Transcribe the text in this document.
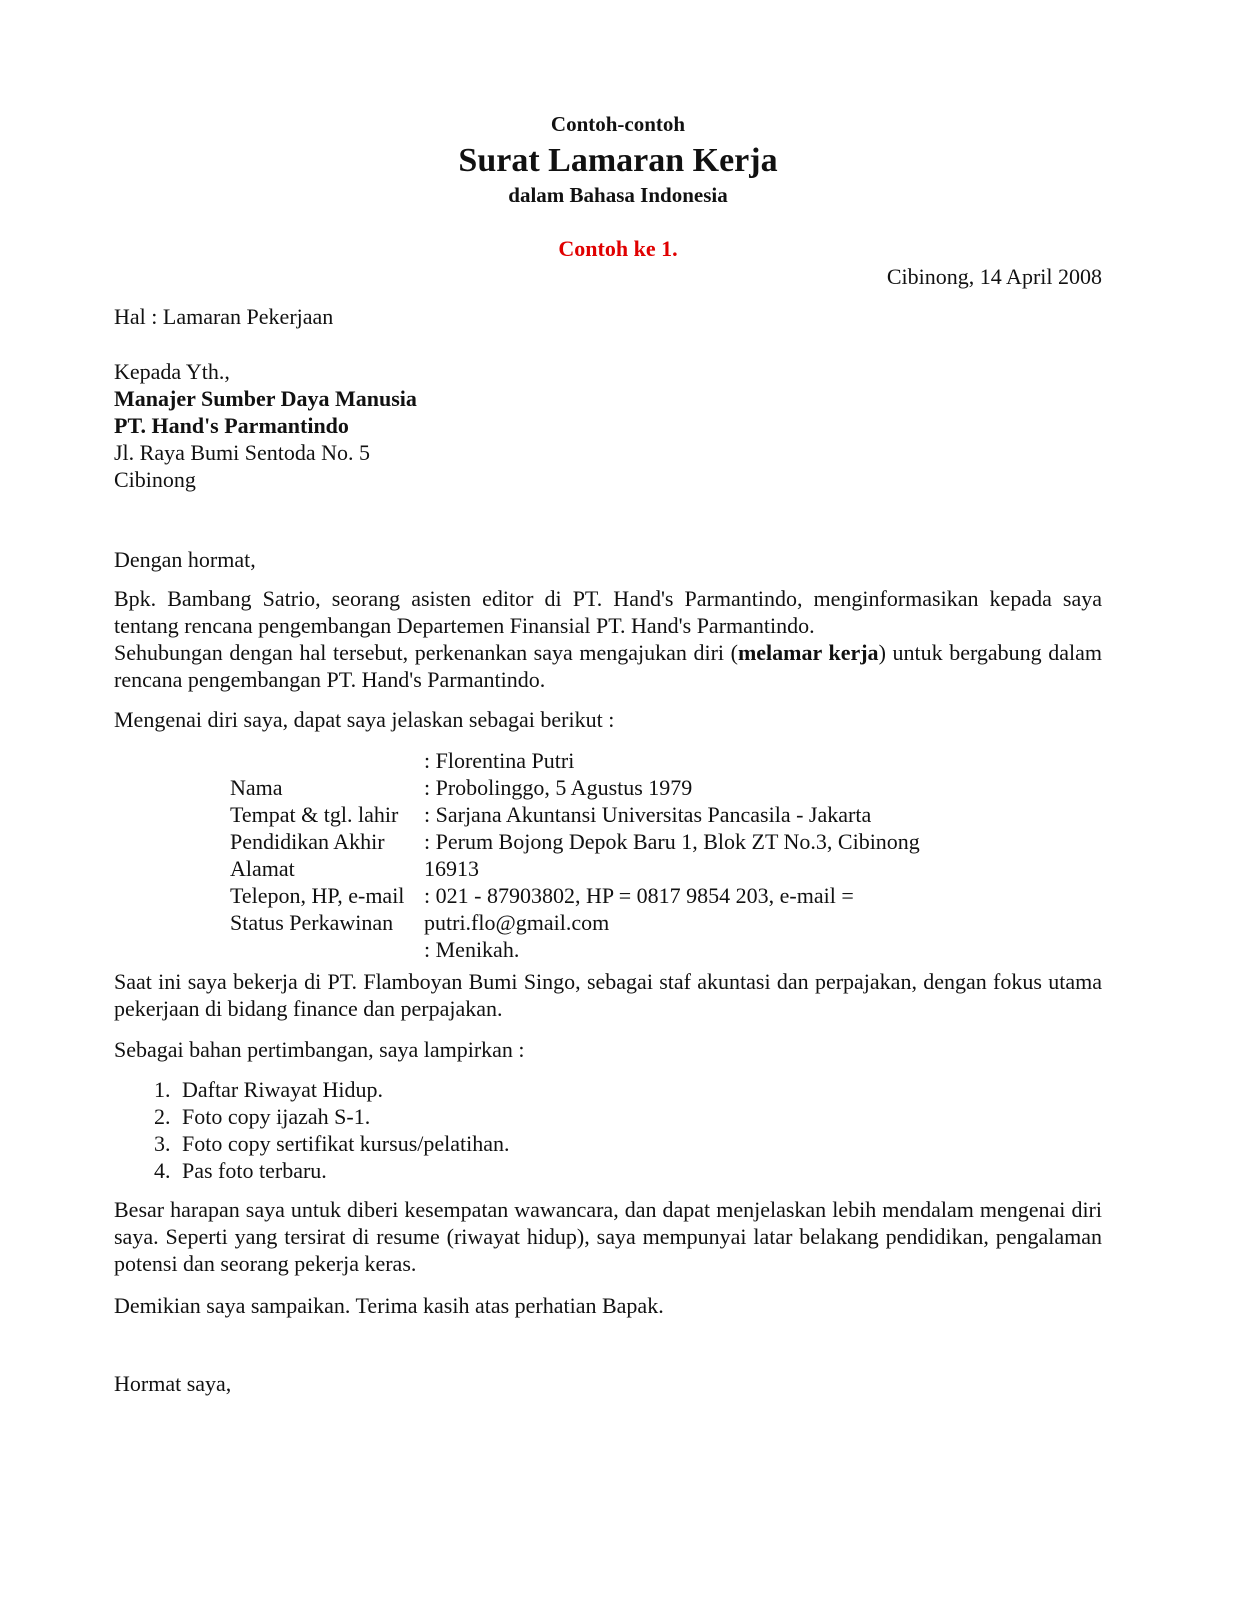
Contoh-contoh
Surat Lamaran Kerja
dalam Bahasa Indonesia
Contoh ke 1.
Cibinong, 14 April 2008
Hal : Lamaran Pekerjaan
Kepada Yth.,
Manajer Sumber Daya Manusia
PT. Hand's Parmantindo
Jl. Raya Bumi Sentoda No. 5
Cibinong
Dengan hormat,
Bpk. Bambang Satrio, seorang asisten editor di PT. Hand's Parmantindo, menginformasikan kepada saya tentang rencana pengembangan Departemen Finansial PT. Hand's Parmantindo.
Sehubungan dengan hal tersebut, perkenankan saya mengajukan diri (melamar kerja) untuk bergabung dalam rencana pengembangan PT. Hand's Parmantindo.
Mengenai diri saya, dapat saya jelaskan sebagai berikut :
Nama
Tempat & tgl. lahir
Pendidikan Akhir
Alamat
Telepon, HP, e-mail
Status Perkawinan
: Florentina Putri
: Probolinggo, 5 Agustus 1979
: Sarjana Akuntansi Universitas Pancasila - Jakarta
: Perum Bojong Depok Baru 1, Blok ZT No.3, Cibinong
16913
: 021 - 87903802, HP = 0817 9854 203, e-mail =
putri.flo@gmail.com
: Menikah.
Saat ini saya bekerja di PT. Flamboyan Bumi Singo, sebagai staf akuntasi dan perpajakan, dengan fokus utama pekerjaan di bidang finance dan perpajakan.
Sebagai bahan pertimbangan, saya lampirkan :
1. Daftar Riwayat Hidup.
2. Foto copy ijazah S-1.
3. Foto copy sertifikat kursus/pelatihan.
4. Pas foto terbaru.
Besar harapan saya untuk diberi kesempatan wawancara, dan dapat menjelaskan lebih mendalam mengenai diri saya. Seperti yang tersirat di resume (riwayat hidup), saya mempunyai latar belakang pendidikan, pengalaman potensi dan seorang pekerja keras.
Demikian saya sampaikan. Terima kasih atas perhatian Bapak.
Hormat saya,
